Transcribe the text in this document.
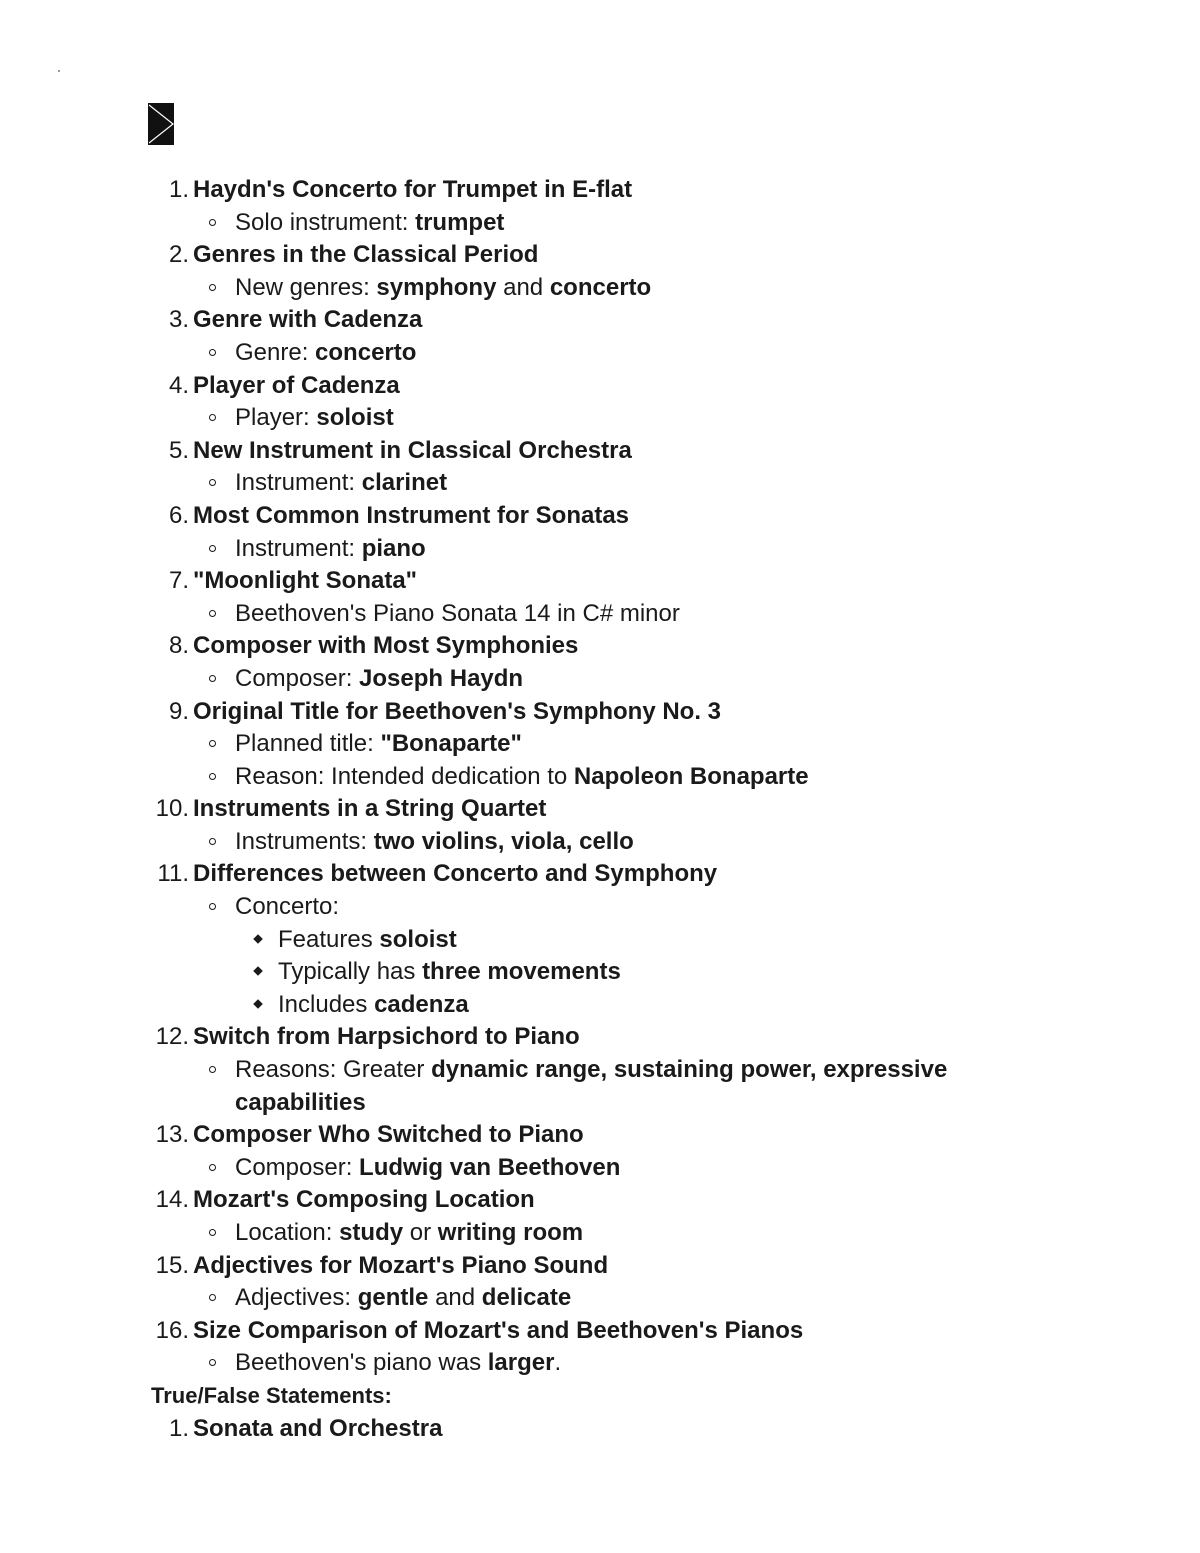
1. Haydn's Concerto for Trumpet in E-flat
Solo instrument: trumpet
2. Genres in the Classical Period
New genres: symphony and concerto
3. Genre with Cadenza
Genre: concerto
4. Player of Cadenza
Player: soloist
5. New Instrument in Classical Orchestra
Instrument: clarinet
6. Most Common Instrument for Sonatas
Instrument: piano
7. "Moonlight Sonata"
Beethoven's Piano Sonata 14 in C# minor
8. Composer with Most Symphonies
Composer: Joseph Haydn
9. Original Title for Beethoven's Symphony No. 3
Planned title: "Bonaparte"
Reason: Intended dedication to Napoleon Bonaparte
10. Instruments in a String Quartet
Instruments: two violins, viola, cello
11. Differences between Concerto and Symphony
Concerto:
Features soloist
Typically has three movements
Includes cadenza
12. Switch from Harpsichord to Piano
Reasons: Greater dynamic range, sustaining power, expressive
capabilities
13. Composer Who Switched to Piano
Composer: Ludwig van Beethoven
14. Mozart's Composing Location
Location: study or writing room
15. Adjectives for Mozart's Piano Sound
Adjectives: gentle and delicate
16. Size Comparison of Mozart's and Beethoven's Pianos
Beethoven's piano was larger.
True/False Statements:
1. Sonata and Orchestra
